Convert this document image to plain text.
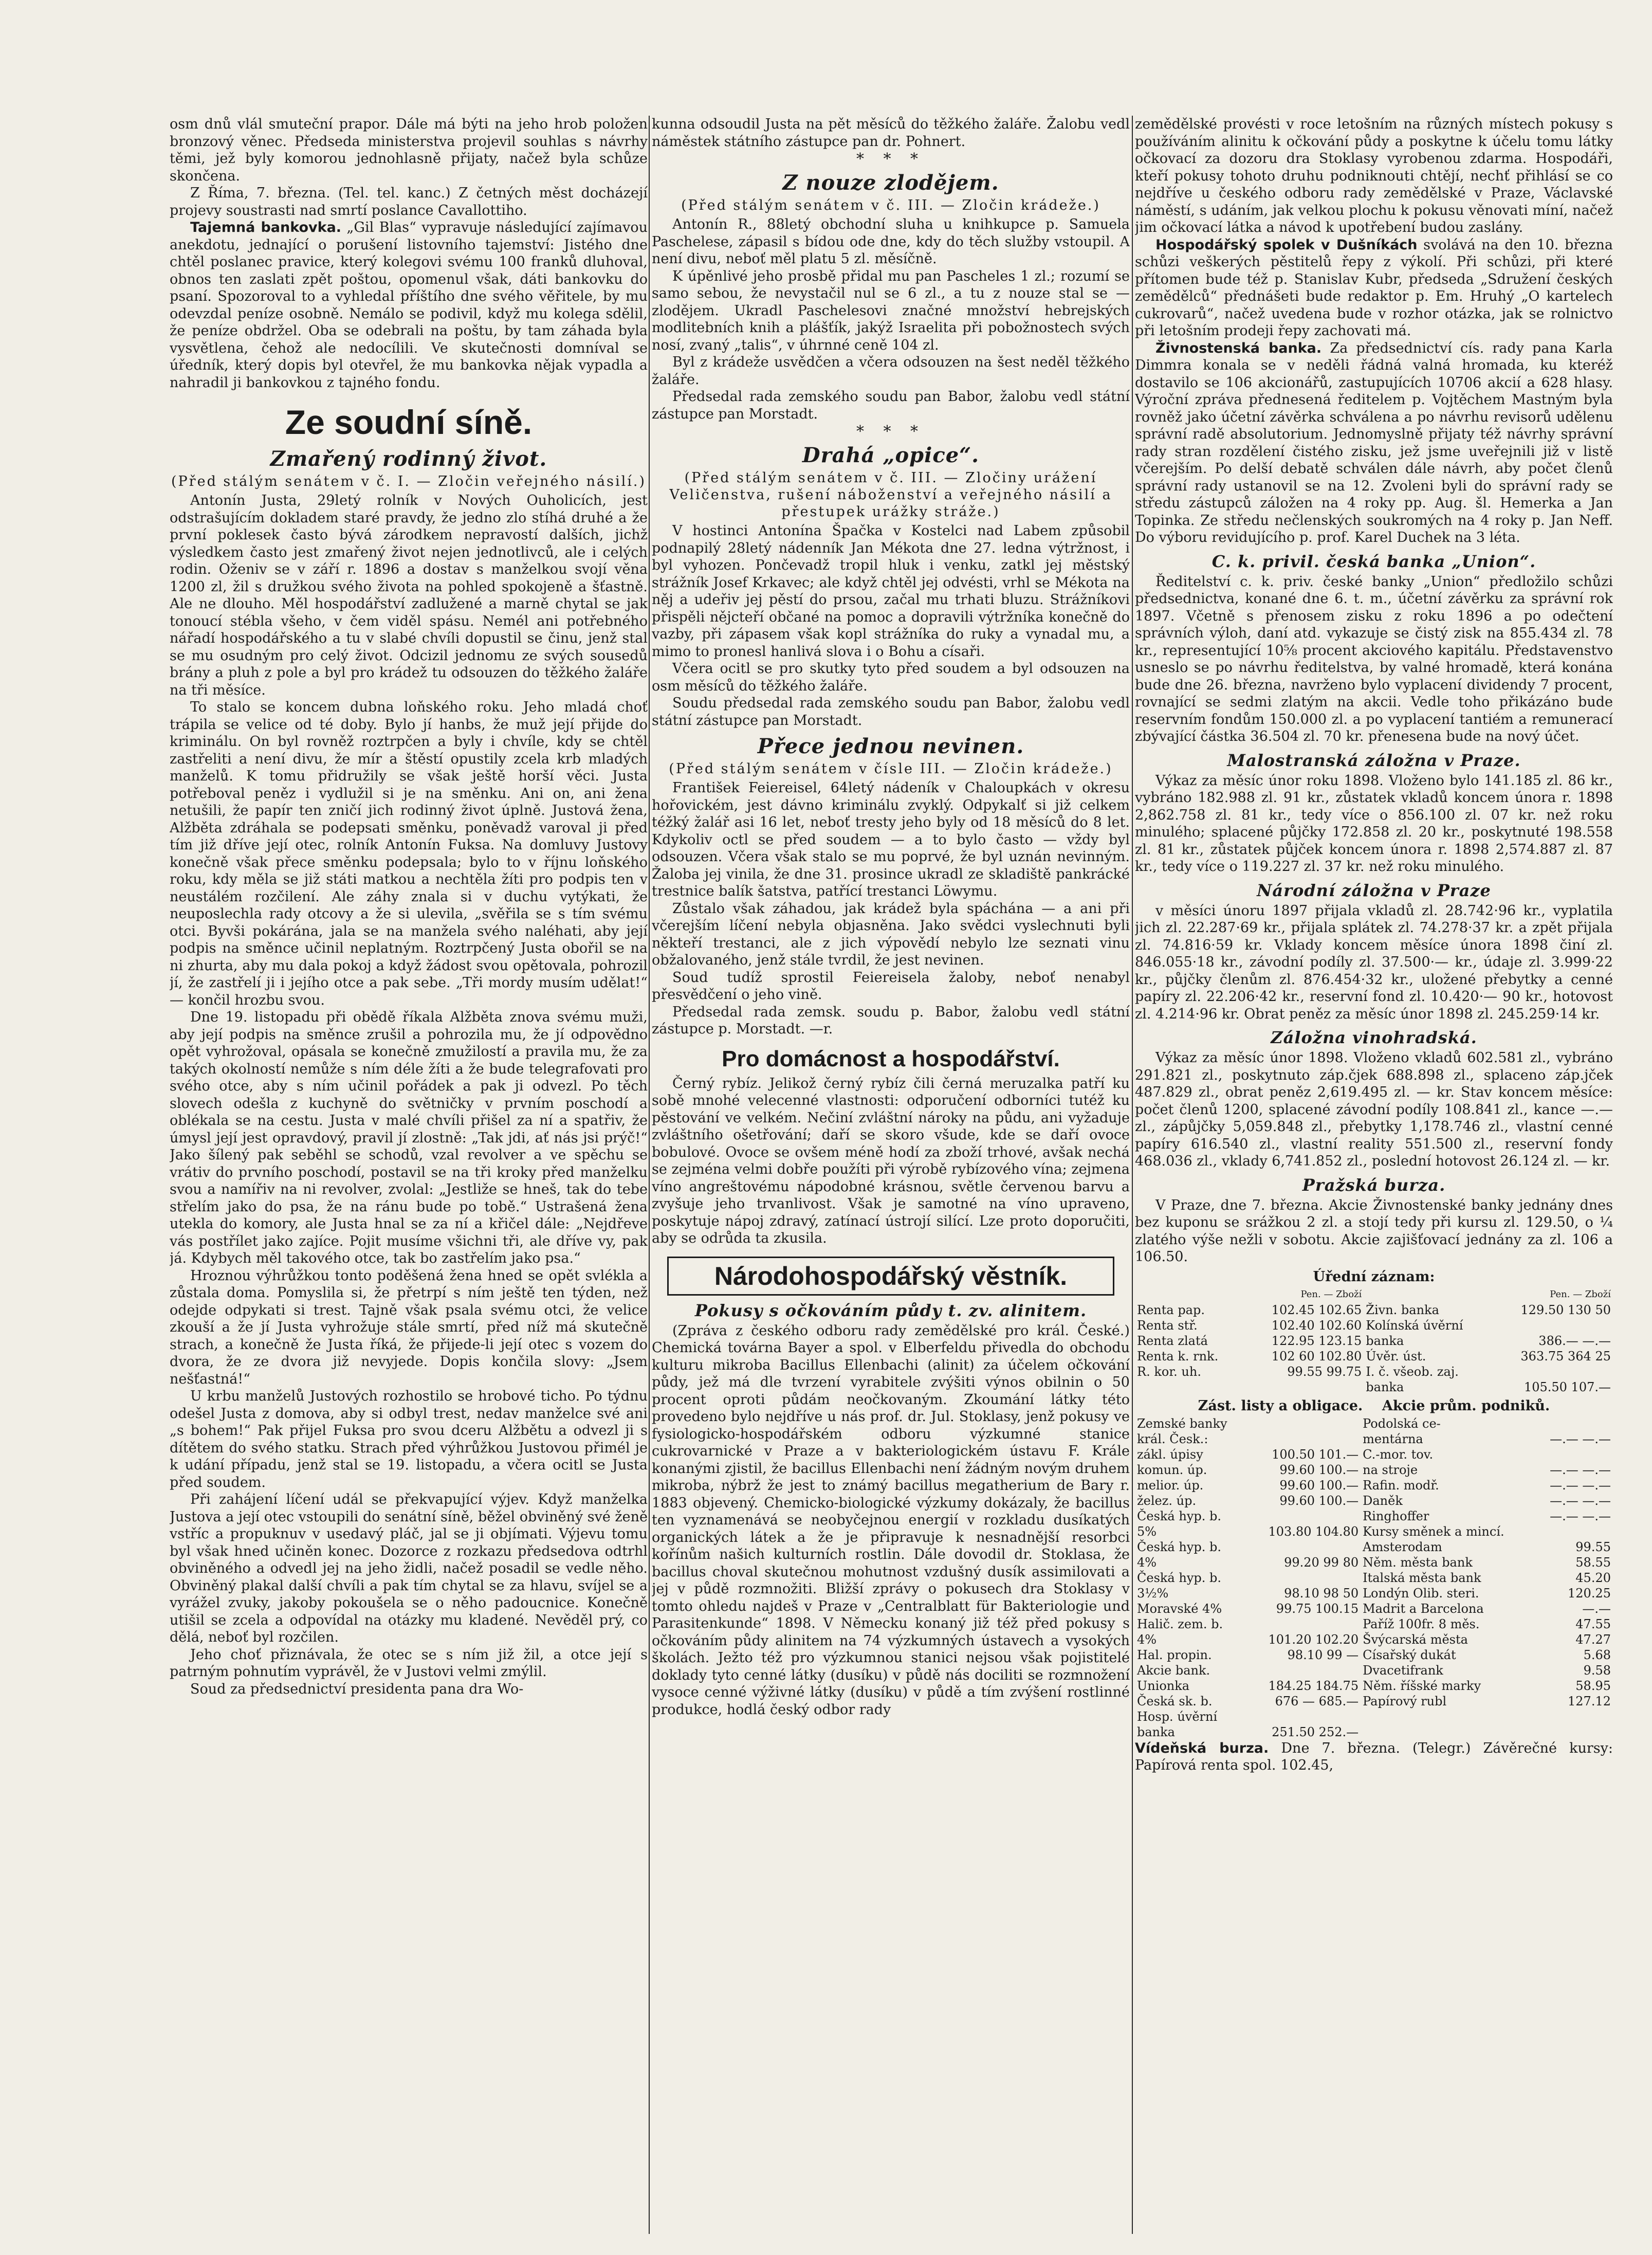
osm dnů vlál smuteční prapor. Dále má býti na jeho hrob položen bronzový věnec. Předseda ministerstva projevil souhlas s návrhy těmi, jež byly komorou jednohlasně přijaty, načež byla schůze skončena.

Z Říma, 7. března. (Tel. tel. kanc.) Z četných měst docházejí projevy soustrasti nad smrtí poslance Cavallottiho.

Tajemná bankovka. „Gil Blas“ vypravuje následující zajímavou anekdotu, jednající o porušení listovního tajemství: Jistého dne chtěl poslanec pravice, který kolegovi svému 100 franků dluhoval, obnos ten zaslati zpět poštou, opomenul však, dáti bankovku do psaní. Spozoroval to a vyhledal příštího dne svého věřitele, by mu odevzdal peníze osobně. Nemálo se podivil, když mu kolega sdělil, že peníze obdržel. Oba se odebrali na poštu, by tam záhada byla vysvětlena, čehož ale nedocílili. Ve skutečnosti domníval se úředník, který dopis byl otevřel, že mu bankovka nějak vypadla a nahradil ji bankovkou z tajného fondu.

Ze soudní síně.
Zmařený rodinný život.
(Před stálým senátem v č. I. — Zločin veřejného násilí.)

Antonín Justa, 29letý rolník v Nových Ouholicích, jest odstrašujícím dokladem staré pravdy, že jedno zlo stíhá druhé a že první poklesek často bývá zárodkem nepravostí dalších, jichž výsledkem často jest zmařený život nejen jednotlivců, ale i celých rodin. Oženiv se v září r. 1896 a dostav s manželkou svojí věna 1200 zl, žil s družkou svého života na pohled spokojeně a šťastně. Ale ne dlouho. Měl hospodářství zadlužené a marně chytal se jak tonoucí stébla všeho, v čem viděl spásu. Nemél ani potřebného nářadí hospodářského a tu v slabé chvíli dopustil se činu, jenž stal se mu osudným pro celý život. Odcizil jednomu ze svých sousedů brány a pluh z pole a byl pro krádež tu odsouzen do těžkého žaláře na tři měsíce.

To stalo se koncem dubna loňského roku. Jeho mladá choť trápila se velice od té doby. Bylo jí hanbs, že muž její přijde do kriminálu. On byl rovněž roztrpčen a byly i chvíle, kdy se chtěl zastřeliti a není divu, že mír a štěstí opustily zcela krb mladých manželů. K tomu přidružily se však ještě horší věci. Justa potřeboval peněz i vydlužil si je na směnku. Ani on, ani žena netušili, že papír ten zničí jich rodinný život úplně. Justová žena, Alžběta zdráhala se podepsati směnku, poněvadž varoval ji před tím již dříve její otec, rolník Antonín Fuksa. Na domluvy Justovy konečně však přece směnku podepsala; bylo to v říjnu loňského roku, kdy měla se již státi matkou a nechtěla žíti pro podpis ten v neustálém rozčilení. Ale záhy znala si v duchu vytýkati, že neuposlechla rady otcovy a že si ulevila, „svěřila se s tím svému otci. Byvši pokárána, jala se na manžela svého naléhati, aby její podpis na směnce učinil neplatným. Roztrpčený Justa obořil se na ni zhurta, aby mu dala pokoj a když žádost svou opětovala, pohrozil jí, že zastřelí ji i jejího otce a pak sebe. „Tři mordy musím udělat!“ — končil hrozbu svou.

Dne 19. listopadu při obědě říkala Alžběta znova svému muži, aby její podpis na směnce zrušil a pohrozila mu, že jí odpovědno opět vyhrožoval, opásala se konečně zmužilostí a pravila mu, že za takých okolností nemůže s ním déle žíti a že bude telegrafovati pro svého otce, aby s ním učinil pořádek a pak ji odvezl. Po těch slovech odešla z kuchyně do světničky v prvním poschodí a oblékala se na cestu. Justa v malé chvíli přišel za ní a spatřiv, že úmysl její jest opravdový, pravil jí zlostně: „Tak jdi, ať nás jsi prýč!“ Jako šílený pak seběhl se schodů, vzal revolver a ve spěchu se vrátiv do prvního poschodí, postavil se na tři kroky před manželku svou a namířiv na ni revolver, zvolal: „Jestliže se hneš, tak do tebe střelím jako do psa, že na ránu bude po tobě.“ Ustrašená žena utekla do komory, ale Justa hnal se za ní a křičel dále: „Nejdřeve vás postřílet jako zajíce. Pojit musíme všichni tři, ale dříve vy, pak já. Kdybych měl takového otce, tak bo zastřelím jako psa.“

Hroznou výhrůžkou tonto poděšená žena hned se opět svlékla a zůstala doma. Pomyslila si, že přetrpí s ním ještě ten týden, než odejde odpykati si trest. Tajně však psala svému otci, že velice zkouší a že jí Justa vyhrožuje stále smrtí, před níž má skutečně strach, a konečně že Justa říká, že přijede-li její otec s vozem do dvora, že ze dvora již nevyjede. Dopis končila slovy: „Jsem nešťastná!“

U krbu manželů Justových rozhostilo se hrobové ticho. Po týdnu odešel Justa z domova, aby si odbyl trest, nedav manželce své ani „s bohem!“ Pak přijel Fuksa pro svou dceru Alžbětu a odvezl ji s dítětem do svého statku. Strach před výhrůžkou Justovou přimél je k udání případu, jenž stal se 19. listopadu, a včera ocitl se Justa před soudem.

Při zahájení líčení udál se překvapující výjev. Když manželka Justova a její otec vstoupili do senátní síně, běžel obviněný své ženě vstříc a propuknuv v usedavý pláč, jal se ji objímati. Výjevu tomu byl však hned učiněn konec. Dozorce z rozkazu předsedova odtrhl obviněného a odvedl jej na jeho židli, načež posadil se vedle něho. Obviněný plakal další chvíli a pak tím chytal se za hlavu, svíjel se a vyrážel zvuky, jakoby pokoušela se o něho padoucnice. Konečně utišil se zcela a odpovídal na otázky mu kladené. Nevěděl prý, co dělá, neboť byl rozčilen.

Jeho choť přiznávala, že otec se s ním již žil, a otce její s patrným pohnutím vyprávěl, že v Justovi velmi zmýlil.

Soud za předsednictví presidenta pana dra Wo-

kunna odsoudil Justa na pět měsíců do těžkého žaláře. Žalobu vedl náměstek státního zástupce pan dr. Pohnert.

* * *
Z nouze zlodějem.
(Před stálým senátem v č. III. — Zločin krádeže.)

Antonín R., 88letý obchodní sluha u knihkupce p. Samuela Paschelese, zápasil s bídou ode dne, kdy do těch služby vstoupil. A není divu, neboť měl platu 5 zl. měsíčně.

K úpěnlivé jeho prosbě přidal mu pan Pascheles 1 zl.; rozumí se samo sebou, že nevystačil nul se 6 zl., a tu z nouze stal se — zlodějem. Ukradl Paschelesovi značné množství hebrejských modlitebních knih a plášťík, jakýž Israelita při pobožnostech svých nosí, zvaný „talis“, v úhrnné ceně 104 zl.

Byl z krádeže usvědčen a včera odsouzen na šest neděl těžkého žaláře.

Předsedal rada zemského soudu pan Babor, žalobu vedl státní zástupce pan Morstadt.

* * *
Drahá „opice“.
(Před stálým senátem v č. III. — Zločiny urážení Veličenstva, rušení náboženství a veřejného násilí a přestupek urážky stráže.)

V hostinci Antonína Špačka v Kostelci nad Labem způsobil podnapilý 28letý nádenník Jan Mékota dne 27. ledna výtržnost, i byl vyhozen. Pončevadž tropil hluk i venku, zatkl jej městský strážník Josef Krkavec; ale když chtěl jej odvésti, vrhl se Mékota na něj a udeřiv jej pěstí do prsou, začal mu trhati bluzu. Strážníkovi přispěli nějcteří občané na pomoc a dopravili výtržníka konečně do vazby, při zápasem však kopl strážníka do ruky a vynadal mu, a mimo to pronesl hanlivá slova i o Bohu a císaři.

Včera ocitl se pro skutky tyto před soudem a byl odsouzen na osm měsíců do těžkého žaláře.

Soudu předsedal rada zemského soudu pan Babor, žalobu vedl státní zástupce pan Morstadt.

Přece jednou nevinen.
(Před stálým senátem v čísle III. — Zločin krádeže.)

František Feiereisel, 64letý nádeník v Chaloupkách v okresu hořovickém, jest dávno kriminálu zvyklý. Odpykalť si již celkem téžký žalář asi 16 let, neboť tresty jeho byly od 18 měsíců do 8 let. Kdykoliv octl se před soudem — a to bylo často — vždy byl odsouzen. Včera však stalo se mu poprvé, že byl uznán nevinným. Žaloba jej vinila, že dne 31. prosince ukradl ze skladiště pankrácké trestnice balík šatstva, patřící trestanci Löwymu.

Zůstalo však záhadou, jak krádež byla spáchána — a ani při včerejším líčení nebyla objasněna. Jako svědci vyslechnuti byli někteří trestanci, ale z jich výpovědí nebylo lze seznati vinu obžalovaného, jenž stále tvrdil, že jest nevinen.

Soud tudíž sprostil Feiereisela žaloby, neboť nenabyl přesvědčení o jeho vině.

Předsedal rada zemsk. soudu p. Babor, žalobu vedl státní zástupce p. Morstadt. —r.

Pro domácnost a hospodářství.

Černý rybíz. Jelikož černý rybíz čili černá meruzalka patří ku sobě mnohé velecenné vlastnosti: odporučení odborníci tutéž ku pěstování ve velkém. Nečiní zvláštní nároky na půdu, ani vyžaduje zvláštního ošetřování; daří se skoro všude, kde se daří ovoce bobulové. Ovoce se ovšem méně hodí za zboží trhové, avšak nechá se zejména velmi dobře použíti při výrobě rybízového vína; zejmena víno angreštovému nápodobné krásnou, světle červenou barvu a zvyšuje jeho trvanlivost. Však je samotné na víno upraveno, poskytuje nápoj zdravý, zatínací ústrojí silící. Lze proto doporučiti, aby se odrůda ta zkusila.

Národohospodářský věstník.
Pokusy s očkováním půdy t. zv. alinitem.

(Zpráva z českého odboru rady zemědělské pro král. České.) Chemická továrna Bayer a spol. v Elberfeldu přivedla do obchodu kulturu mikroba Bacillus Ellenbachi (alinit) za účelem očkování půdy, jež má dle tvrzení vyrabitele zvýšiti výnos obilnin o 50 procent oproti půdám neočkovaným. Zkoumání látky této provedeno bylo nejdříve u nás prof. dr. Jul. Stoklasy, jenž pokusy ve fysiologicko-hospodářském odboru výzkumné stanice cukrovarnické v Praze a v bakteriologickém ústavu F. Krále konanými zjistil, že bacillus Ellenbachi není žádným novým druhem mikroba, nýbrž že jest to známý bacillus megatherium de Bary r. 1883 objevený. Chemicko-biologické výzkumy dokázaly, že bacillus ten vyznamenává se neobyčejnou energií v rozkladu dusíkatých organických látek a že je připravuje k nesnadnější resorbci kořínům našich kulturních rostlin. Dále dovodil dr. Stoklasa, že bacillus choval skutečnou mohutnost vzdušný dusík assimilovati a jej v půdě rozmnožiti. Bližší zprávy o pokusech dra Stoklasy v tomto ohledu najdeš v Praze v „Centralblatt für Bakteriologie und Parasitenkunde“ 1898. V Německu konaný již též před pokusy s očkováním půdy alinitem na 74 výzkumných ústavech a vysokých školách. Ježto též pro výzkumnou stanici nejsou však pojistitelé doklady tyto cenné látky (dusíku) v půdě nás dociliti se rozmnožení vysoce cenné výživné látky (dusíku) v půdě a tím zvýšení rostlinné produkce, hodlá český odbor rady

zemědělské provésti v roce letošním na různých místech pokusy s používáním alinitu k očkování půdy a poskytne k účelu tomu látky očkovací za dozoru dra Stoklasy vyrobenou zdarma. Hospodáři, kteří pokusy tohoto druhu podniknouti chtějí, nechť přihlásí se co nejdříve u českého odboru rady zemědělské v Praze, Václavské náměstí, s udáním, jak velkou plochu k pokusu věnovati míní, načež jim očkovací látka a návod k upotřebení budou zaslány.

Hospodářský spolek v Dušníkách svolává na den 10. března schůzi veškerých pěstitelů řepy z výkolí. Při schůzi, při které přítomen bude též p. Stanislav Kubr, předseda „Sdružení českých zemědělců“ přednášeti bude redaktor p. Em. Hruhý „O kartelech cukrovarů“, načež uvedena bude v rozhor otázka, jak se rolnictvo při letošním prodeji řepy zachovati má.

Živnostenská banka. Za předsednictví cís. rady pana Karla Dimmra konala se v neděli řádná valná hromada, ku kteréž dostavilo se 106 akcionářů, zastupujících 10706 akcií a 628 hlasy. Výroční zpráva přednesená ředitelem p. Vojtěchem Mastným byla rovněž jako účetní závěrka schválena a po návrhu revisorů udělenu správní radě absolutorium. Jednomyslně přijaty též návrhy správní rady stran rozdělení čistého zisku, jež jsme uveřejnili již v listě včerejším. Po delší debatě schválen dále návrh, aby počet členů správní rady ustanovil se na 12. Zvoleni byli do správní rady se středu zástupců záložen na 4 roky pp. Aug. šl. Hemerka a Jan Topinka. Ze středu nečlenských soukromých na 4 roky p. Jan Neff. Do výboru revidujícího p. prof. Karel Duchek na 3 léta.

C. k. privil. česká banka „Union“.

Ředitelství c. k. priv. české banky „Union“ předložilo schůzi předsednictva, konané dne 6. t. m., účetní závěrku za správní rok 1897. Včetně s přenosem zisku z roku 1896 a po odečtení správních výloh, daní atd. vykazuje se čistý zisk na 855.434 zl. 78 kr., representující 10⅝ procent akciového kapitálu. Představenstvo usneslo se po návrhu ředitelstva, by valné hromadě, která konána bude dne 26. března, navrženo bylo vyplacení dividendy 7 procent, rovnající se sedmi zlatým na akcii. Vedle toho přikázáno bude reservním fondům 150.000 zl. a po vyplacení tantiém a remunerací zbývající částka 36.504 zl. 70 kr. přenesena bude na nový účet.

Malostranská záložna v Praze.

Výkaz za měsíc únor roku 1898. Vloženo bylo 141.185 zl. 86 kr., vybráno 182.988 zl. 91 kr., zůstatek vkladů koncem února r. 1898 2,862.758 zl. 81 kr., tedy více o 856.100 zl. 07 kr. než roku minulého; splacené půjčky 172.858 zl. 20 kr., poskytnuté 198.558 zl. 81 kr., zůstatek půjček koncem února r. 1898 2,574.887 zl. 87 kr., tedy více o 119.227 zl. 37 kr. než roku minulého.

Národní záložna v Praze

v měsíci únoru 1897 přijala vkladů zl. 28.742·96 kr., vyplatila jich zl. 22.287·69 kr., přijala splátek zl. 74.278·37 kr. a zpět přijala zl. 74.816·59 kr. Vklady koncem měsíce února 1898 činí zl. 846.055·18 kr., závodní podíly zl. 37.500·— kr., údaje zl. 3.999·22 kr., půjčky členům zl. 876.454·32 kr., uložené přebytky a cenné papíry zl. 22.206·42 kr., reservní fond zl. 10.420·— 90 kr., hotovost zl. 4.214·96 kr. Obrat peněz za měsíc únor 1898 zl. 245.259·14 kr.

Záložna vinohradská.

Výkaz za měsíc únor 1898. Vloženo vkladů 602.581 zl., vybráno 291.821 zl., poskytnuto záp.čjek 688.898 zl., splaceno záp.jček 487.829 zl., obrat peněz 2,619.495 zl. — kr. Stav koncem měsíce: počet členů 1200, splacené závodní podíly 108.841 zl., kance —.— zl., zápůjčky 5,059.848 zl., přebytky 1,178.746 zl., vlastní cenné papíry 616.540 zl., vlastní reality 551.500 zl., reservní fondy 468.036 zl., vklady 6,741.852 zl., poslední hotovost 26.124 zl. — kr.

Pražská burza.

V Praze, dne 7. března. Akcie Živnostenské banky jednány dnes bez kuponu se srážkou 2 zl. a stojí tedy při kursu zl. 129.50, o ¼ zlatého výše nežli v sobotu. Akcie zajišťovací jednány za zl. 106 a 106.50.

Úřední záznam:
	Pen. — Zboží		Pen. — Zboží
Renta pap.	102.45 102.65	Živn. banka	129.50 130 50
Renta stř.	102.40 102.60	Kolínská úvěrní	
Renta zlatá	122.95 123.15	banka	386.— —.—
Renta k. rnk.	102 60 102.80	Úvěr. úst.	363.75 364 25
R. kor. uh.	99.55 99.75	I. č. všeob. zaj.	
		banka	105.50 107.—
Zást. listy a obligace. Akcie prům. podniků.
Zemské banky		Podolská ce-	
král. Česk.:		mentárna	—.— —.—
zákl. úpisy	100.50 101.—	C.-mor. tov.	
komun. úp.	99.60 100.—	na stroje	—.— —.—
melior. úp.	99.60 100.—	Rafin. modř.	—.— —.—
želez. úp.	99.60 100.—	Daněk	—.— —.—
Česká hyp. b.		Ringhoffer	—.— —.—
5%	103.80 104.80	Kursy směnek a mincí.	
Česká hyp. b.		Amsterodam	99.55
4%	99.20 99 80	Něm. města bank	58.55
Česká hyp. b.		Italská města bank	45.20
3½%	98.10 98 50	Londýn Olib. steri.	120.25
Moravské 4%	99.75 100.15	Madrit a Barcelona	—.—
Halič. zem. b.		Paříž 100fr. 8 měs.	47.55
4%	101.20 102.20	Švýcarská města	47.27
Hal. propin.	98.10 99 —	Císařský dukát	5.68
Akcie bank.		Dvacetifrank	9.58
Unionka	184.25 184.75	Něm. říšské marky	58.95
Česká sk. b.	676 — 685.—	Papírový rubl	127.12
Hosp. úvěrní			
banka	251.50 252.—		

Vídeňská burza. Dne 7. března. (Telegr.) Závěrečné kursy: Papírová renta spol. 102.45,
